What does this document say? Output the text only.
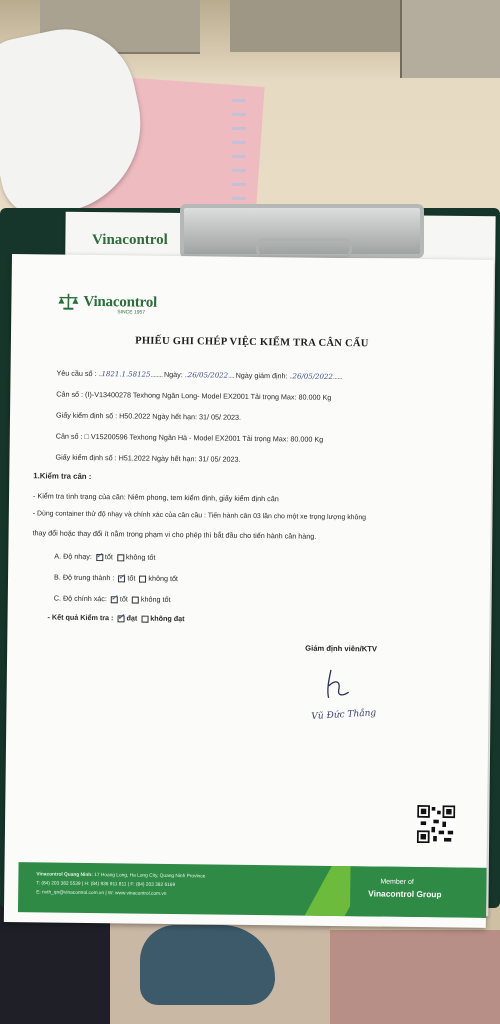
Vinacontrol
Vinacontrol
SINCE 1957
PHIẾU GHI CHÉP VIỆC KIỂM TRA CÂN CẨU
Yêu cầu số : ..1821.1.58125........ Ngày: ..26/05/2022.... Ngày giám định: ..26/05/2022......
Cân số : (I)-V13400278 Texhong Ngân Long- Model EX2001 Tải trọng Max: 80.000 Kg
Giấy kiểm định số : H50.2022 Ngày hết hạn: 31/ 05/ 2023.
Cân số : □ V15200596 Texhong Ngân Hà - Model EX2001 Tải trọng Max: 80.000 Kg
Giấy kiểm định số : H51.2022 Ngày hết hạn: 31/ 05/ 2023.
1.Kiểm tra cân :
- Kiểm tra tình trạng của cân: Niêm phong, tem kiểm định, giấy kiểm định cân
- Dùng container thử độ nhạy và chính xác của cân cầu : Tiến hành cân 03 lần cho một xe trọng lượng không
thay đổi hoặc thay đổi ít nằm trong phạm vi cho phép thì bắt đầu cho tiến hành cân hàng.
A. Độ nhạy: ✓ tốt không tốt
B. Độ trung thành : ✓ tốt không tốt
C. Độ chính xác: ✓ tốt không tốt
- Kết quả Kiểm tra : ✓ đạt không đạt
Giám định viên/KTV
Vũ Đức Thắng
Vinacontrol Quang Ninh: 17 Hoang Long, Ha Long City, Quang Ninh Province
T: (84) 203 382 5539 | H: (84) 936 911 811 | F: (84) 203 382 6169
E: nvth_qn@vinacontrol.com.vn | W: www.vinacontrol.com.vn
Member of
Vinacontrol Group
